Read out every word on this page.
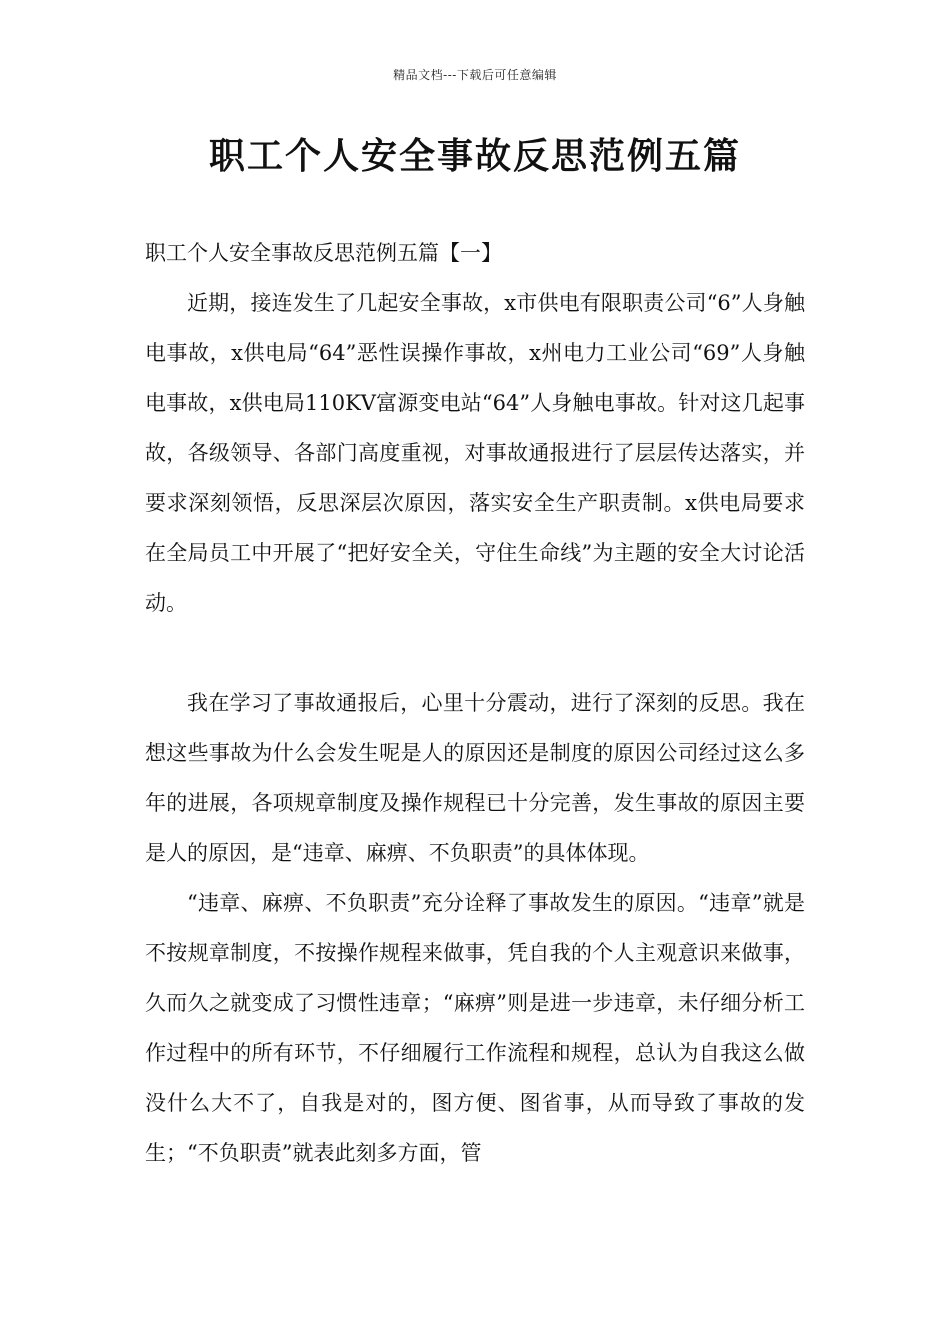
精品文档---下载后可任意编辑
职工个人安全事故反思范例五篇
职工个人安全事故反思范例五篇【一】

近期，接连发生了几起安全事故，x市供电有限职责公司“6”人身触电事故，x供电局“64”恶性误操作事故，x州电力工业公司“69”人身触电事故，x供电局110KV富源变电站“64”人身触电事故。针对这几起事故，各级领导、各部门高度重视，对事故通报进行了层层传达落实，并要求深刻领悟，反思深层次原因，落实安全生产职责制。x供电局要求在全局员工中开展了“把好安全关，守住生命线”为主题的安全大讨论活动。

我在学习了事故通报后，心里十分震动，进行了深刻的反思。我在想这些事故为什么会发生呢是人的原因还是制度的原因公司经过这么多年的进展，各项规章制度及操作规程已十分完善，发生事故的原因主要是人的原因，是“违章、麻痹、不负职责”的具体体现。

“违章、麻痹、不负职责”充分诠释了事故发生的原因。“违章”就是不按规章制度，不按操作规程来做事，凭自我的个人主观意识来做事，久而久之就变成了习惯性违章；“麻痹”则是进一步违章，未仔细分析工作过程中的所有环节，不仔细履行工作流程和规程，总认为自我这么做没什么大不了，自我是对的，图方便、图省事，从而导致了事故的发生；“不负职责”就表此刻多方面，管
